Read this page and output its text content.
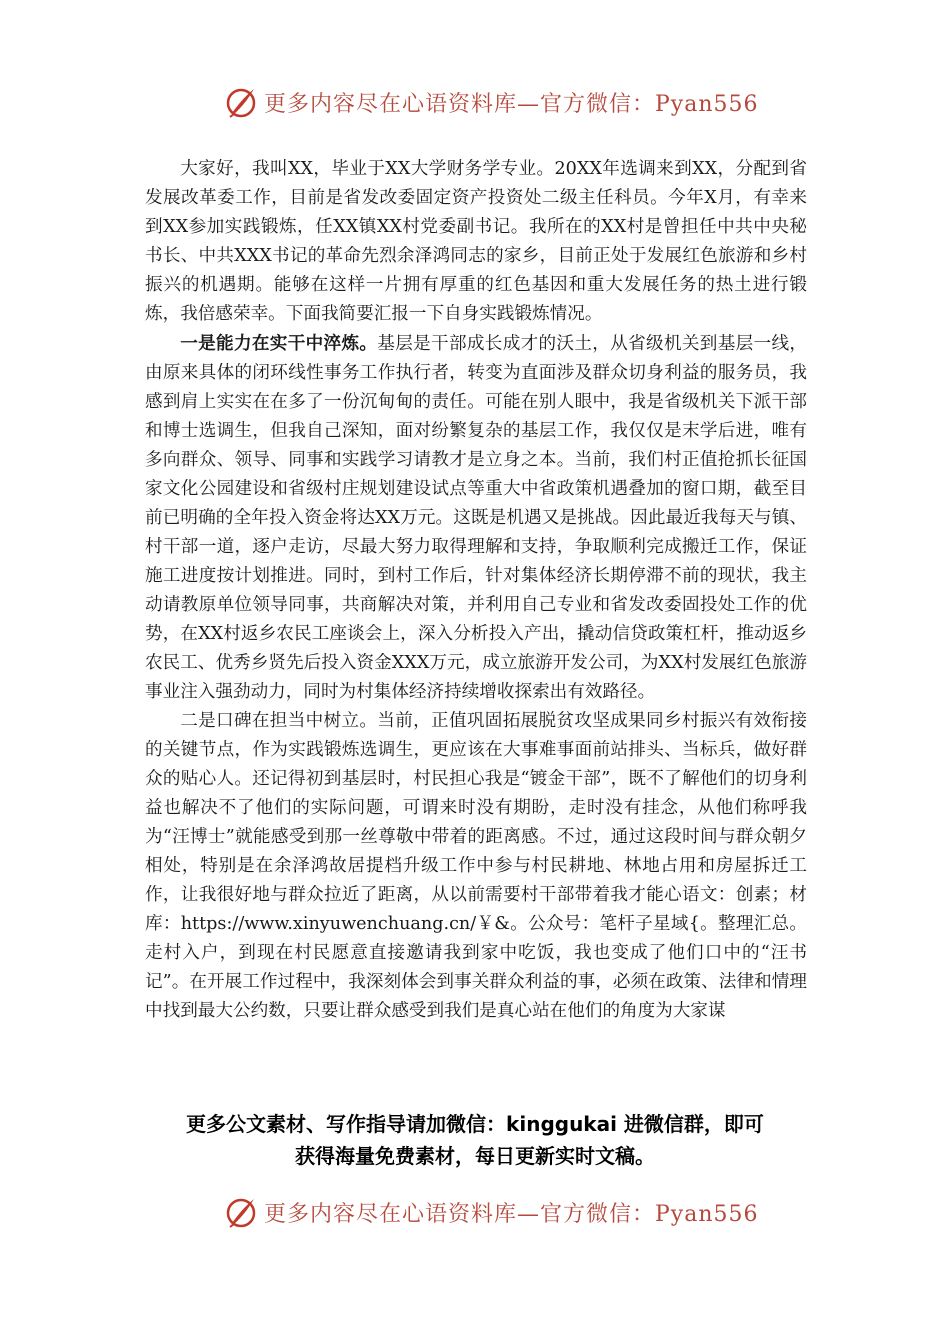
更多内容尽在心语资料库—官方微信：Pyan556

大家好，我叫XX，毕业于XX大学财务学专业。20XX年选调来到XX，分配到省发展改革委工作，目前是省发改委固定资产投资处二级主任科员。今年X月，有幸来到XX参加实践锻炼，任XX镇XX村党委副书记。我所在的XX村是曾担任中共中央秘书长、中共XXX书记的革命先烈余泽鸿同志的家乡，目前正处于发展红色旅游和乡村振兴的机遇期。能够在这样一片拥有厚重的红色基因和重大发展任务的热土进行锻炼，我倍感荣幸。下面我简要汇报一下自身实践锻炼情况。

一是能力在实干中淬炼。基层是干部成长成才的沃土，从省级机关到基层一线，由原来具体的闭环线性事务工作执行者，转变为直面涉及群众切身利益的服务员，我感到肩上实实在在多了一份沉甸甸的责任。可能在别人眼中，我是省级机关下派干部和博士选调生，但我自己深知，面对纷繁复杂的基层工作，我仅仅是末学后进，唯有多向群众、领导、同事和实践学习请教才是立身之本。当前，我们村正值抢抓长征国家文化公园建设和省级村庄规划建设试点等重大中省政策机遇叠加的窗口期，截至目前已明确的全年投入资金将达XX万元。这既是机遇又是挑战。因此最近我每天与镇、村干部一道，逐户走访，尽最大努力取得理解和支持，争取顺利完成搬迁工作，保证施工进度按计划推进。同时，到村工作后，针对集体经济长期停滞不前的现状，我主动请教原单位领导同事，共商解决对策，并利用自己专业和省发改委固投处工作的优势，在XX村返乡农民工座谈会上，深入分析投入产出，撬动信贷政策杠杆，推动返乡农民工、优秀乡贤先后投入资金XXX万元，成立旅游开发公司，为XX村发展红色旅游事业注入强劲动力，同时为村集体经济持续增收探索出有效路径。

二是口碑在担当中树立。当前，正值巩固拓展脱贫攻坚成果同乡村振兴有效衔接的关键节点，作为实践锻炼选调生，更应该在大事难事面前站排头、当标兵，做好群众的贴心人。还记得初到基层时，村民担心我是“镀金干部”，既不了解他们的切身利益也解决不了他们的实际问题，可谓来时没有期盼，走时没有挂念，从他们称呼我为“汪博士”就能感受到那一丝尊敬中带着的距离感。不过，通过这段时间与群众朝夕相处，特别是在余泽鸿故居提档升级工作中参与村民耕地、林地占用和房屋拆迁工作，让我很好地与群众拉近了距离，从以前需要村干部带着我才能心语文：创素；材库：https://www.xinyuwenchuang.cn/￥&。公众号：笔杆子星域{。整理汇总。走村入户，到现在村民愿意直接邀请我到家中吃饭，我也变成了他们口中的“汪书记”。在开展工作过程中，我深刻体会到事关群众利益的事，必须在政策、法律和情理中找到最大公约数，只要让群众感受到我们是真心站在他们的角度为大家谋

更多公文素材、写作指导请加微信：kinggukai 进微信群，即可
获得海量免费素材，每日更新实时文稿。
更多内容尽在心语资料库—官方微信：Pyan556
